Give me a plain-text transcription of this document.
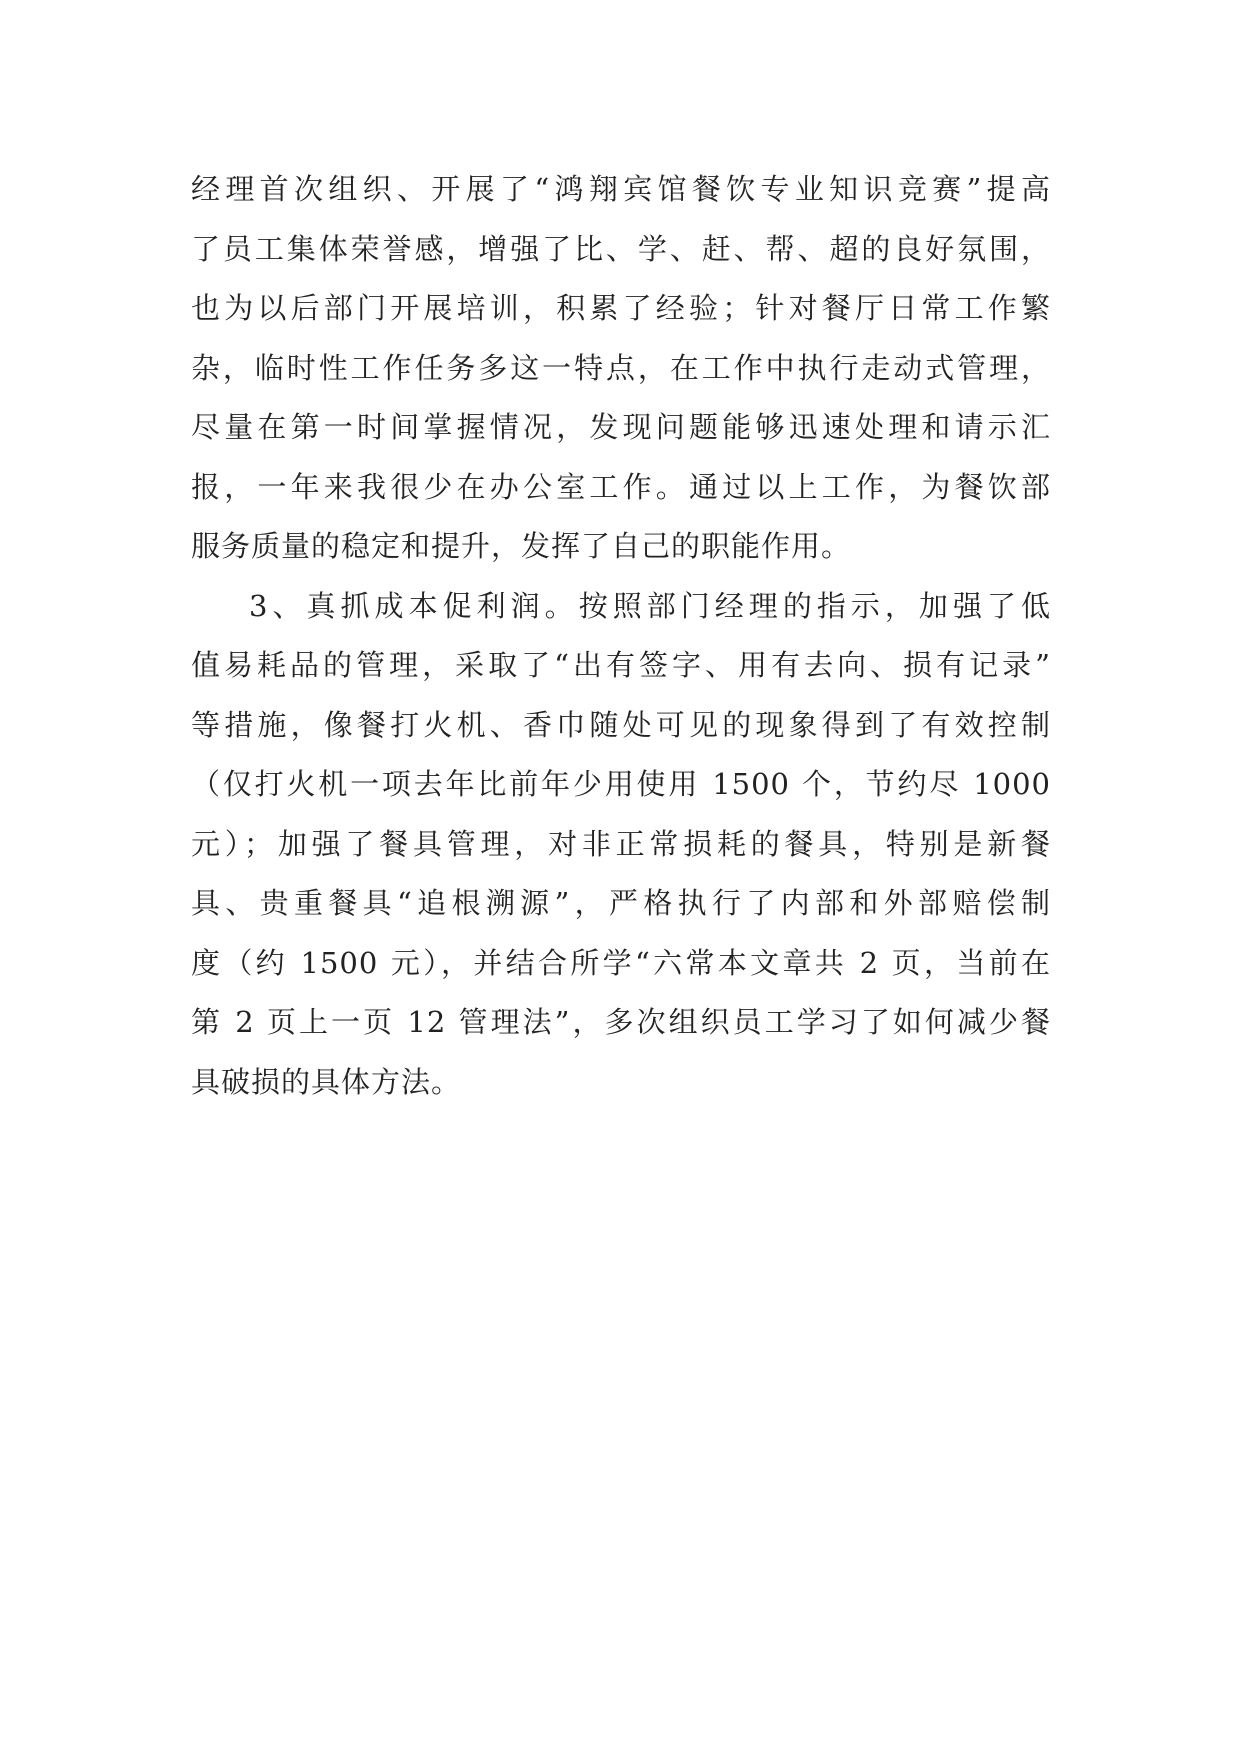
经理首次组织、开展了“鸿翔宾馆餐饮专业知识竞赛”提高
了员工集体荣誉感，增强了比、学、赶、帮、超的良好氛围，
也为以后部门开展培训，积累了经验；针对餐厅日常工作繁
杂，临时性工作任务多这一特点，在工作中执行走动式管理，
尽量在第一时间掌握情况，发现问题能够迅速处理和请示汇
报，一年来我很少在办公室工作。通过以上工作，为餐饮部
服务质量的稳定和提升，发挥了自己的职能作用。
3、真抓成本促利润。按照部门经理的指示，加强了低
值易耗品的管理，采取了“出有签字、用有去向、损有记录”
等措施，像餐打火机、香巾随处可见的现象得到了有效控制
（仅打火机一项去年比前年少用使用 1500 个，节约尽 1000
元）；加强了餐具管理，对非正常损耗的餐具，特别是新餐
具、贵重餐具“追根溯源”，严格执行了内部和外部赔偿制
度（约 1500 元），并结合所学“六常本文章共 2 页，当前在
第 2 页上一页 12 管理法”，多次组织员工学习了如何减少餐
具破损的具体方法。
